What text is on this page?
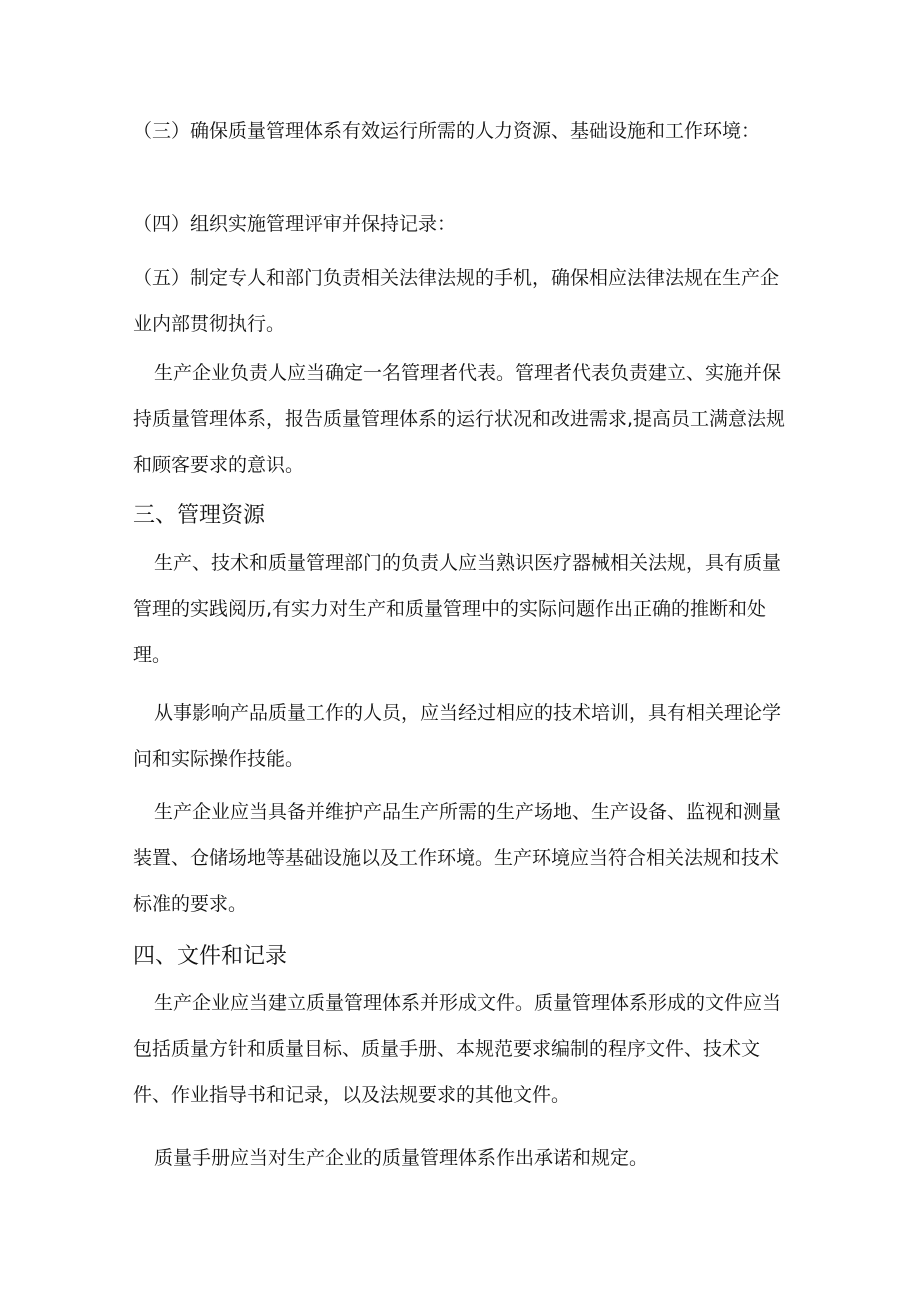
（三）确保质量管理体系有效运行所需的人力资源、基础设施和工作环境：

（四）组织实施管理评审并保持记录：

（五）制定专人和部门负责相关法律法规的手机，确保相应法律法规在生产企业内部贯彻执行。

生产企业负责人应当确定一名管理者代表。管理者代表负责建立、实施并保持质量管理体系，报告质量管理体系的运行状况和改进需求,提高员工满意法规和顾客要求的意识。

三、管理资源

生产、技术和质量管理部门的负责人应当熟识医疗器械相关法规，具有质量管理的实践阅历,有实力对生产和质量管理中的实际问题作出正确的推断和处理。

从事影响产品质量工作的人员，应当经过相应的技术培训，具有相关理论学问和实际操作技能。

生产企业应当具备并维护产品生产所需的生产场地、生产设备、监视和测量装置、仓储场地等基础设施以及工作环境。生产环境应当符合相关法规和技术标准的要求。

四、文件和记录

生产企业应当建立质量管理体系并形成文件。质量管理体系形成的文件应当包括质量方针和质量目标、质量手册、本规范要求编制的程序文件、技术文件、作业指导书和记录，以及法规要求的其他文件。

质量手册应当对生产企业的质量管理体系作出承诺和规定。
